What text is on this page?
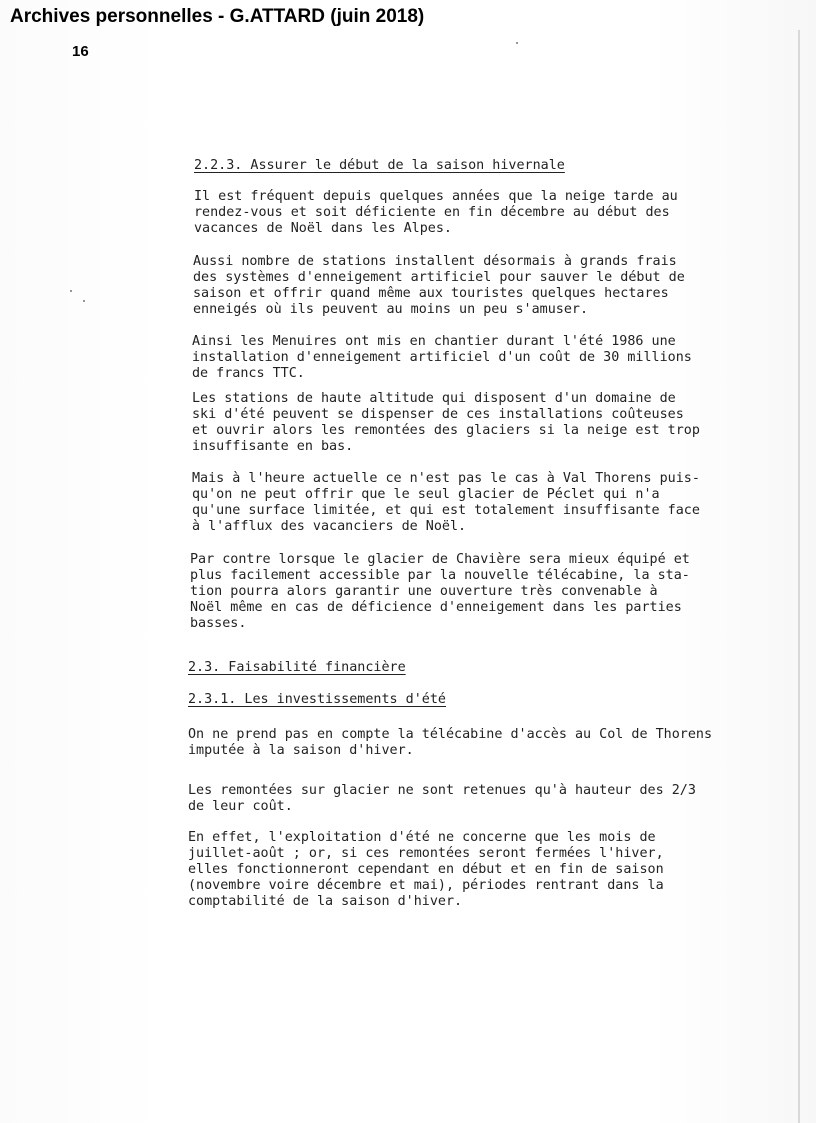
Archives personnelles - G.ATTARD (juin 2018)
16
2.2.3. Assurer le début de la saison hivernale

Il est fréquent depuis quelques années que la neige tarde au
rendez-vous et soit déficiente en fin décembre au début des
vacances de Noël dans les Alpes.

Aussi nombre de stations installent désormais à grands frais
des systèmes d'enneigement artificiel pour sauver le début de
saison et offrir quand même aux touristes quelques hectares
enneigés où ils peuvent au moins un peu s'amuser.

Ainsi les Menuires ont mis en chantier durant l'été 1986 une
installation d'enneigement artificiel d'un coût de 30 millions
de francs TTC.

Les stations de haute altitude qui disposent d'un domaine de
ski d'été peuvent se dispenser de ces installations coûteuses
et ouvrir alors les remontées des glaciers si la neige est trop
insuffisante en bas.

Mais à l'heure actuelle ce n'est pas le cas à Val Thorens puis-
qu'on ne peut offrir que le seul glacier de Péclet qui n'a
qu'une surface limitée, et qui est totalement insuffisante face
à l'afflux des vacanciers de Noël.

Par contre lorsque le glacier de Chavière sera mieux équipé et
plus facilement accessible par la nouvelle télécabine, la sta-
tion pourra alors garantir une ouverture très convenable à
Noël même en cas de déficience d'enneigement dans les parties
basses.

2.3. Faisabilité financière
2.3.1. Les investissements d'été

On ne prend pas en compte la télécabine d'accès au Col de Thorens
imputée à la saison d'hiver.

Les remontées sur glacier ne sont retenues qu'à hauteur des 2/3
de leur coût.

En effet, l'exploitation d'été ne concerne que les mois de
juillet-août ; or, si ces remontées seront fermées l'hiver,
elles fonctionneront cependant en début et en fin de saison
(novembre voire décembre et mai), périodes rentrant dans la
comptabilité de la saison d'hiver.
